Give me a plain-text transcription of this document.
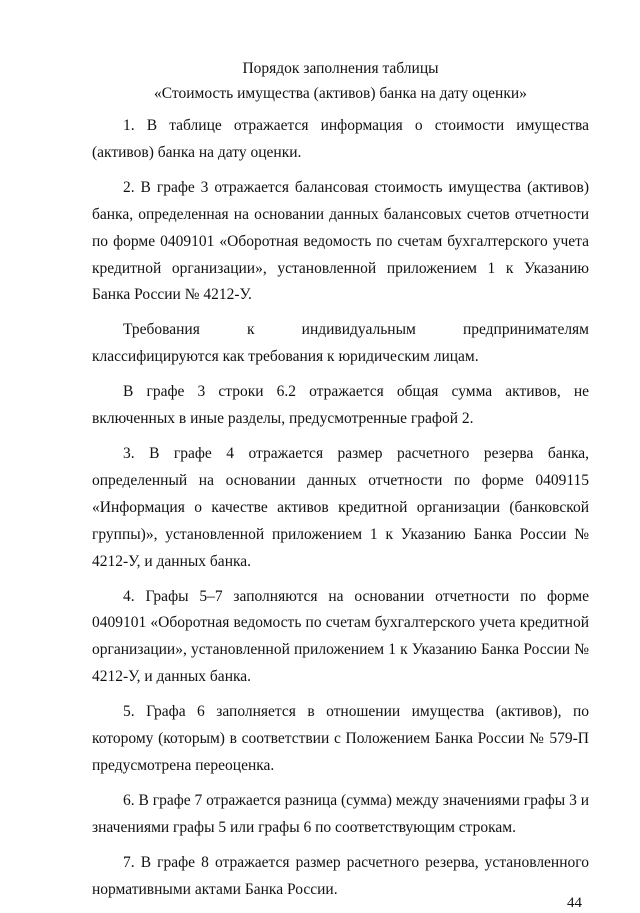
Порядок заполнения таблицы

«Стоимость имущества (активов) банка на дату оценки»

1. В таблице отражается информация о стоимости имущества (активов) банка на дату оценки.

2. В графе 3 отражается балансовая стоимость имущества (активов) банка, определенная на основании данных балансовых счетов отчетности по форме 0409101 «Оборотная ведомость по счетам бухгалтерского учета кредитной организации», установленной приложением 1 к Указанию Банка России № 4212-У.

Требования к индивидуальным предпринимателям классифицируются как требования к юридическим лицам.

В графе 3 строки 6.2 отражается общая сумма активов, не включенных в иные разделы, предусмотренные графой 2.

3. В графе 4 отражается размер расчетного резерва банка, определенный на основании данных отчетности по форме 0409115 «Информация о качестве активов кредитной организации (банковской группы)», установленной приложением 1 к Указанию Банка России № 4212-У, и данных банка.

4. Графы 5–7 заполняются на основании отчетности по форме 0409101 «Оборотная ведомость по счетам бухгалтерского учета кредитной организации», установленной приложением 1 к Указанию Банка России № 4212-У, и данных банка.

5. Графа 6 заполняется в отношении имущества (активов), по которому (которым) в соответствии с Положением Банка России № 579-П предусмотрена переоценка.

6. В графе 7 отражается разница (сумма) между значениями графы 3 и значениями графы 5 или графы 6 по соответствующим строкам.

7. В графе 8 отражается размер расчетного резерва, установленного нормативными актами Банка России.

44
